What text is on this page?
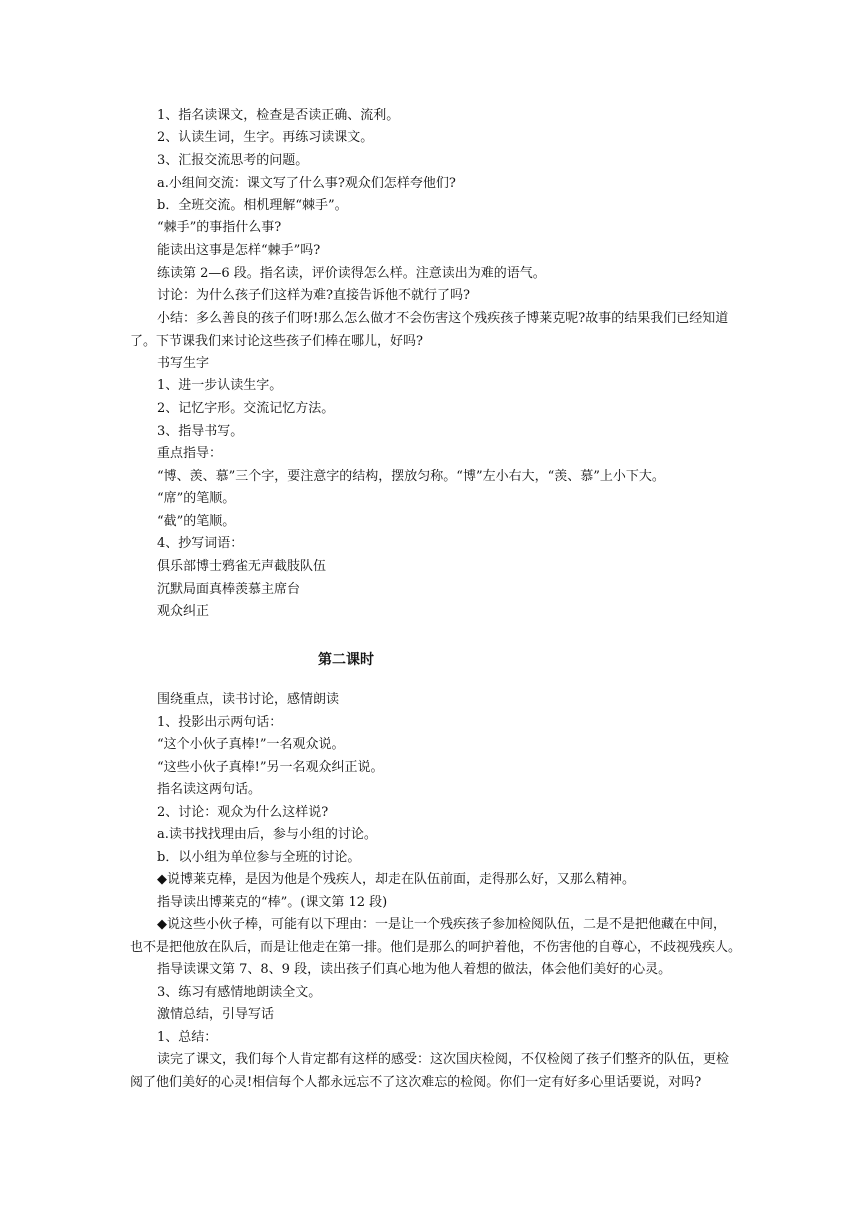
1、指名读课文，检查是否读正确、流利。

2、认读生词，生字。再练习读课文。

3、汇报交流思考的问题。

a.小组间交流：课文写了什么事?观众们怎样夸他们?

b．全班交流。相机理解“棘手”。

“棘手”的事指什么事?

能读出这事是怎样“棘手”吗?

练读第 2—6 段。指名读，评价读得怎么样。注意读出为难的语气。

讨论：为什么孩子们这样为难?直接告诉他不就行了吗?

小结：多么善良的孩子们呀!那么怎么做才不会伤害这个残疾孩子博莱克呢?故事的结果我们已经知道

了。下节课我们来讨论这些孩子们棒在哪儿，好吗?

书写生字

1、进一步认读生字。

2、记忆字形。交流记忆方法。

3、指导书写。

重点指导：

“博、羡、慕”三个字，要注意字的结构，摆放匀称。“博”左小右大，“羡、慕”上小下大。

“席”的笔顺。

“截”的笔顺。

4、抄写词语：

俱乐部博士鸦雀无声截肢队伍

沉默局面真棒羡慕主席台

观众纠正

第二课时

围绕重点，读书讨论，感情朗读

1、投影出示两句话：

“这个小伙子真棒!”一名观众说。

“这些小伙子真棒!”另一名观众纠正说。

指名读这两句话。

2、讨论：观众为什么这样说?

a.读书找找理由后，参与小组的讨论。

b．以小组为单位参与全班的讨论。

◆说博莱克棒，是因为他是个残疾人，却走在队伍前面，走得那么好，又那么精神。

指导读出博莱克的“棒”。(课文第 12 段)

◆说这些小伙子棒，可能有以下理由：一是让一个残疾孩子参加检阅队伍，二是不是把他藏在中间，

也不是把他放在队后，而是让他走在第一排。他们是那么的呵护着他，不伤害他的自尊心，不歧视残疾人。

指导读课文第 7、8、9 段，读出孩子们真心地为他人着想的做法，体会他们美好的心灵。

3、练习有感情地朗读全文。

激情总结，引导写话

1、总结：

读完了课文，我们每个人肯定都有这样的感受：这次国庆检阅，不仅检阅了孩子们整齐的队伍，更检

阅了他们美好的心灵!相信每个人都永远忘不了这次难忘的检阅。你们一定有好多心里话要说，对吗?
